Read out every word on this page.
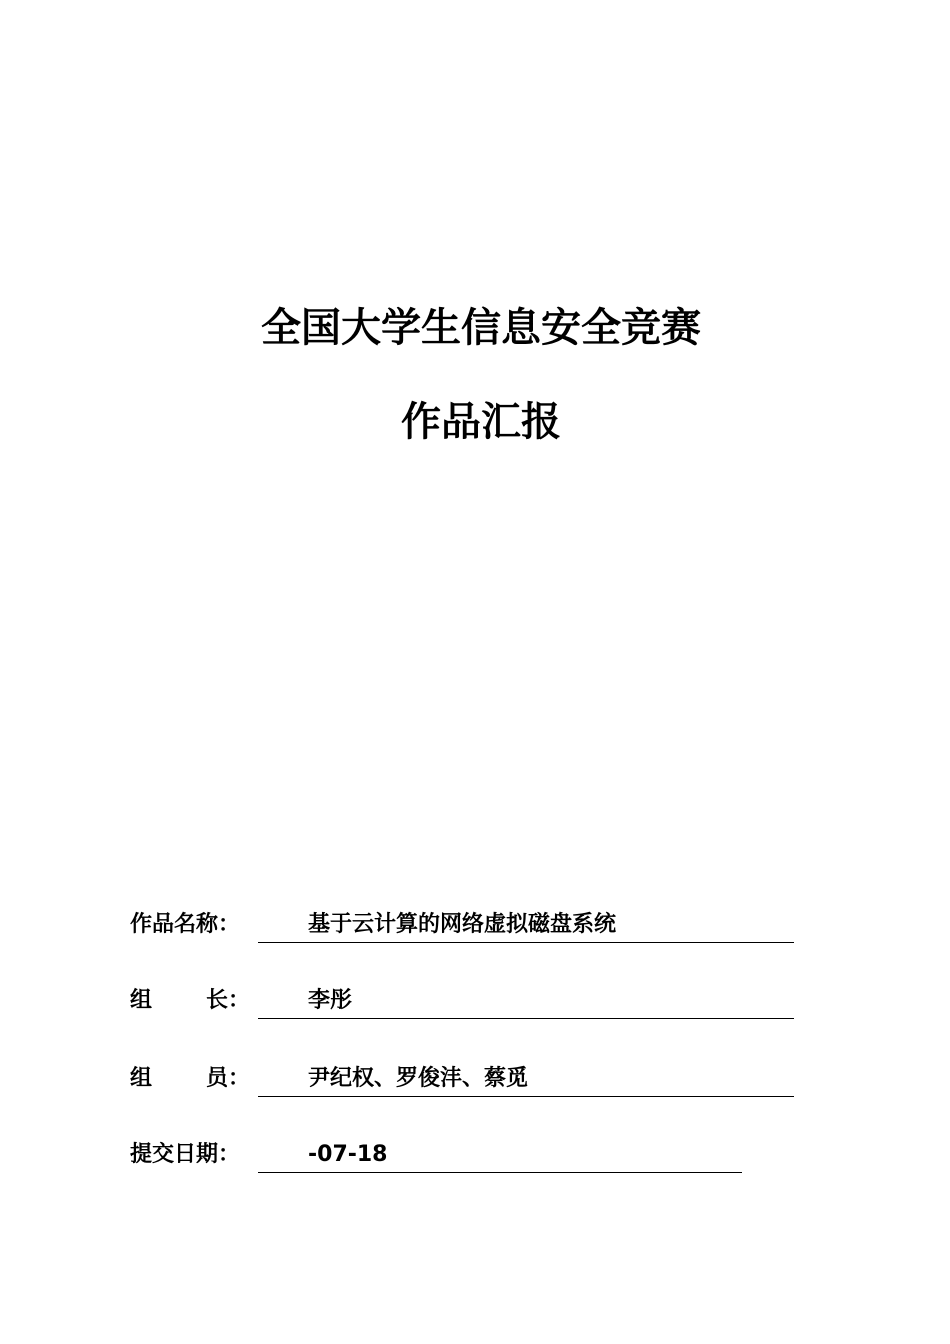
全国大学生信息安全竞赛
作品汇报
作品名称：	基于云计算的网络虚拟磁盘系统
组 长：	李彤
组 员：	尹纪权、罗俊沣、蔡觅
提交日期：	-07-18
